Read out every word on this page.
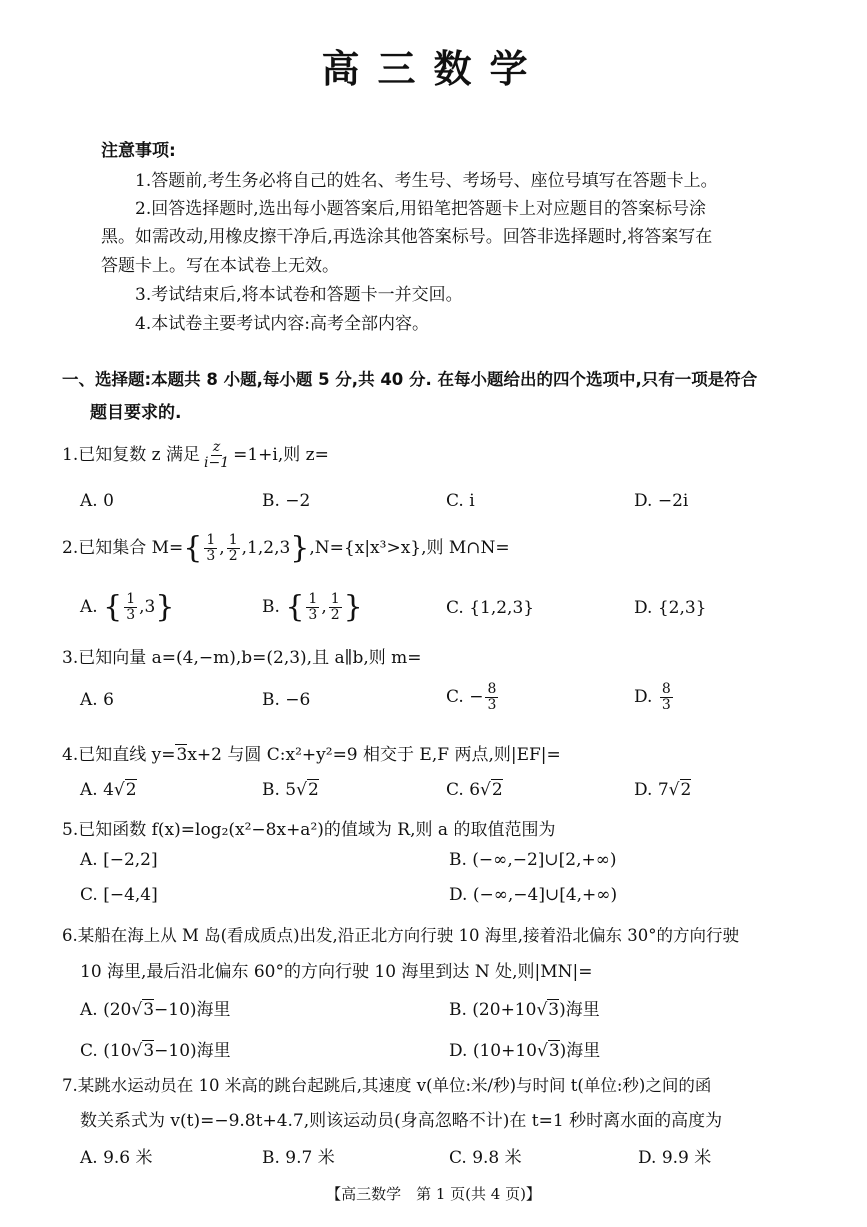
高三数学
注意事项:
1.答题前,考生务必将自己的姓名、考生号、考场号、座位号填写在答题卡上。
2.回答选择题时,选出每小题答案后,用铅笔把答题卡上对应题目的答案标号涂
黑。如需改动,用橡皮擦干净后,再选涂其他答案标号。回答非选择题时,将答案写在
答题卡上。写在本试卷上无效。
3.考试结束后,将本试卷和答题卡一并交回。
4.本试卷主要考试内容:高考全部内容。
一、选择题:本题共 8 小题,每小题 5 分,共 40 分. 在每小题给出的四个选项中,只有一项是符合
题目要求的.
1.已知复数 z 满足 $\frac{z}{i-1} =1+i$,则 z=
A. 0	B. −2	C. i	D. −2i
2.已知集合 $M=\{ \frac{1}{3}$ , $\frac{1}{2} ,1,2,3\},N=\{x|x^3>x\}$,则 M∩N=
A. { $\frac{1}{3} ,3$}	B. { $\frac{1}{3}$ , $\frac{1}{2}$ }	C. {1,2,3}	D. {2,3}
3.已知向量 a=(4,−m),b=(2,3),且 a∥b,则 m=
A. 6	B. −6	C. − $\frac{8}{3}$	D. $\frac{8}{3}$
4.已知直线 y=3x+2 与圆 C:x²+y²=9 相交于 E,F 两点,则|EF|=
A. 4√2	B. 5√2	C. 6√2	D. 7√2
5.已知函数 f(x)=log₂(x²−8x+a²)的值域为 R,则 a 的取值范围为
A. [−2,2]	B. (−∞,−2]∪[2,+∞)
C. [−4,4]	D. (−∞,−4]∪[4,+∞)
6.某船在海上从 M 岛(看成质点)出发,沿正北方向行驶 10 海里,接着沿北偏东 30°的方向行驶
10 海里,最后沿北偏东 60°的方向行驶 10 海里到达 N 处,则|MN|=
A. (20√3−10)海里	B. (20+10√3)海里
C. (10√3−10)海里	D. (10+10√3)海里
7.某跳水运动员在 10 米高的跳台起跳后,其速度 v(单位:米/秒)与时间 t(单位:秒)之间的函
数关系式为 v(t)=−9.8t+4.7,则该运动员(身高忽略不计)在 t=1 秒时离水面的高度为
A. 9.6 米	B. 9.7 米	C. 9.8 米	D. 9.9 米
【高三数学　第 1 页(共 4 页)】
